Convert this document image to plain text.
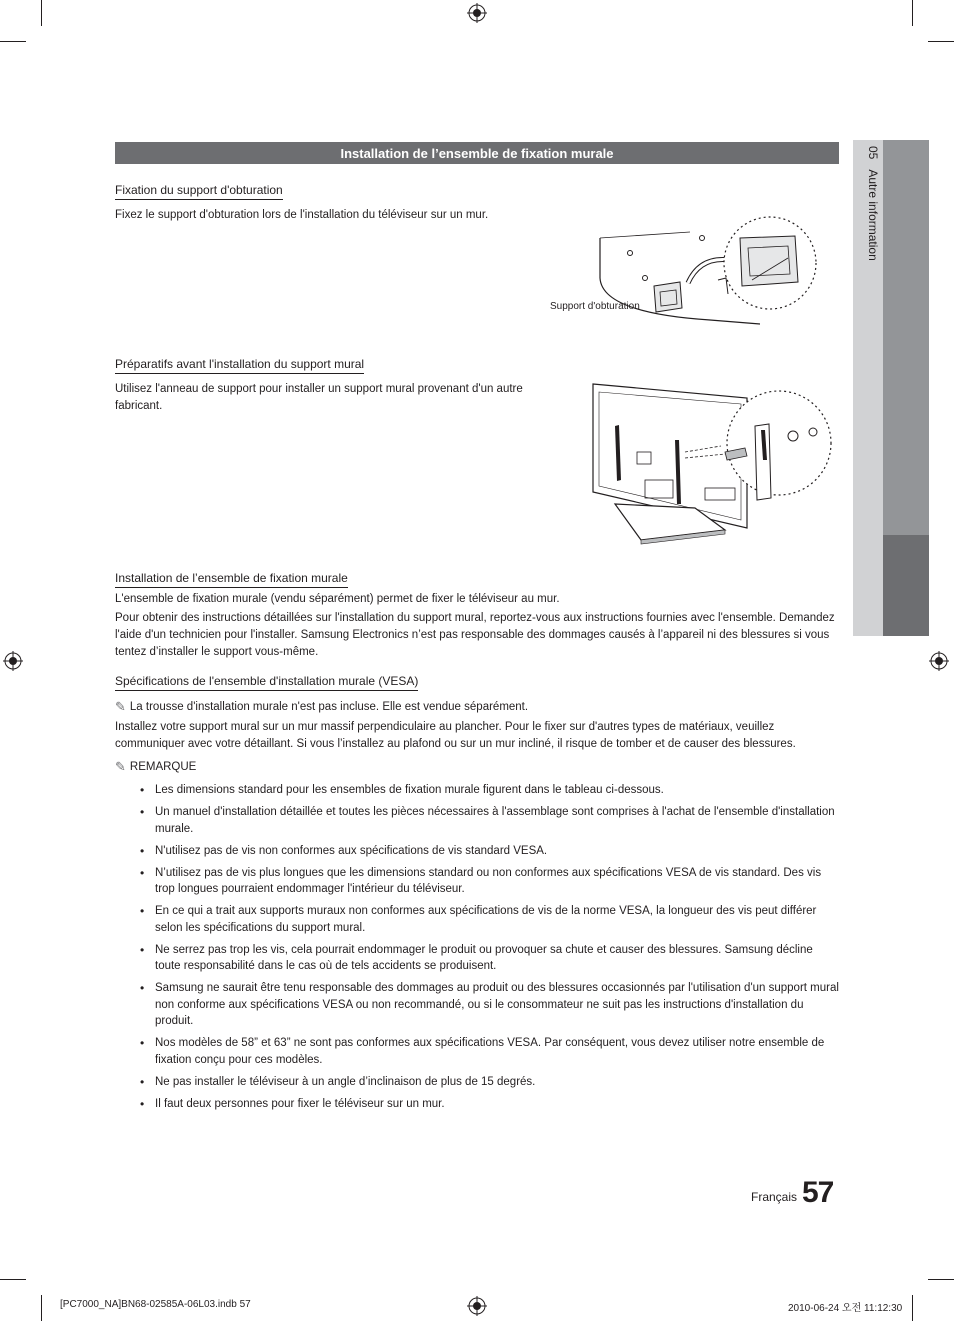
05   Autre information
Installation de l’ensemble de fixation murale
Fixation du support d'obturation
Fixez le support d'obturation lors de l'installation du téléviseur sur un mur.
Support d'obturation
Préparatifs avant l'installation du support mural
Utilisez l'anneau de support pour installer un support mural provenant d'un autre fabricant.
Installation de l’ensemble de fixation murale
L'ensemble de fixation murale (vendu séparément) permet de fixer le téléviseur au mur.
Pour obtenir des instructions détaillées sur l'installation du support mural, reportez-vous aux instructions fournies avec l'ensemble. Demandez l'aide d'un technicien pour l'installer. Samsung Electronics n’est pas responsable des dommages causés à l’appareil ni des blessures si vous tentez d’installer le support vous-même.
Spécifications de l'ensemble d'installation murale (VESA)
✎ La trousse d'installation murale n'est pas incluse. Elle est vendue séparément.
Installez votre support mural sur un mur massif perpendiculaire au plancher. Pour le fixer sur d'autres types de matériaux, veuillez communiquer avec votre détaillant. Si vous l’installez au plafond ou sur un mur incliné, il risque de tomber et de causer des blessures.
✎ REMARQUE
• Les dimensions standard pour les ensembles de fixation murale figurent dans le tableau ci-dessous.
• Un manuel d'installation détaillée et toutes les pièces nécessaires à l'assemblage sont comprises à l'achat de l'ensemble d'installation murale.
• N'utilisez pas de vis non conformes aux spécifications de vis standard VESA.
• N’utilisez pas de vis plus longues que les dimensions standard ou non conformes aux spécifications VESA de vis standard. Des vis trop longues pourraient endommager l'intérieur du téléviseur.
• En ce qui a trait aux supports muraux non conformes aux spécifications de vis de la norme VESA, la longueur des vis peut différer selon les spécifications du support mural.
• Ne serrez pas trop les vis, cela pourrait endommager le produit ou provoquer sa chute et causer des blessures. Samsung décline toute responsabilité dans le cas où de tels accidents se produisent.
• Samsung ne saurait être tenu responsable des dommages au produit ou des blessures occasionnés par l'utilisation d'un support mural non conforme aux spécifications VESA ou non recommandé, ou si le consommateur ne suit pas les instructions d'installation du produit.
• Nos modèles de 58” et 63” ne sont pas conformes aux spécifications VESA. Par conséquent, vous devez utiliser notre ensemble de fixation conçu pour ces modèles.
• Ne pas installer le téléviseur à un angle d’inclinaison de plus de 15 degrés.
• Il faut deux personnes pour fixer le téléviseur sur un mur.
Français 57
[PC7000_NA]BN68-02585A-06L03.indb 57	2010-06-24 오전 11:12:30
